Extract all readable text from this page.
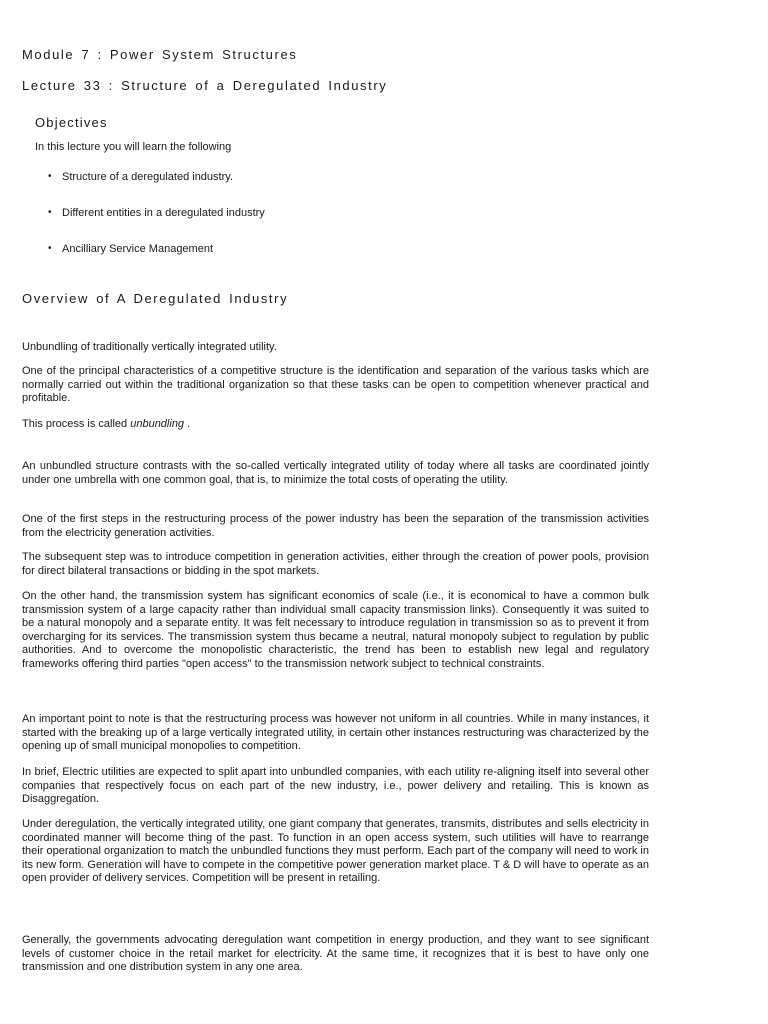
Module 7 : Power System Structures
Lecture 33 : Structure of a Deregulated Industry
Objectives
In this lecture you will learn the following
• Structure of a deregulated industry.
• Different entities in a deregulated industry
• Ancilliary Service Management
Overview of A Deregulated Industry

Unbundling of traditionally vertically integrated utility.

One of the principal characteristics of a competitive structure is the identification and separation of the various tasks which are normally carried out within the traditional organization so that these tasks can be open to competition whenever practical and profitable.

This process is called unbundling .

An unbundled structure contrasts with the so-called vertically integrated utility of today where all tasks are coordinated jointly under one umbrella with one common goal, that is, to minimize the total costs of operating the utility.

One of the first steps in the restructuring process of the power industry has been the separation of the transmission activities from the electricity generation activities.

The subsequent step was to introduce competition in generation activities, either through the creation of power pools, provision for direct bilateral transactions or bidding in the spot markets.

On the other hand, the transmission system has significant economics of scale (i.e., it is economical to have a common bulk transmission system of a large capacity rather than individual small capacity transmission links). Consequently it was suited to be a natural monopoly and a separate entity. It was felt necessary to introduce regulation in transmission so as to prevent it from overcharging for its services. The transmission system thus became a neutral, natural monopoly subject to regulation by public authorities. And to overcome the monopolistic characteristic, the trend has been to establish new legal and regulatory frameworks offering third parties "open access" to the transmission network subject to technical constraints.

An important point to note is that the restructuring process was however not uniform in all countries. While in many instances, it started with the breaking up of a large vertically integrated utility, in certain other instances restructuring was characterized by the opening up of small municipal monopolies to competition.

In brief, Electric utilities are expected to split apart into unbundled companies, with each utility re-aligning itself into several other companies that respectively focus on each part of the new industry, i.e., power delivery and retailing. This is known as Disaggregation.

Under deregulation, the vertically integrated utility, one giant company that generates, transmits, distributes and sells electricity in coordinated manner will become thing of the past. To function in an open access system, such utilities will have to rearrange their operational organization to match the unbundled functions they must perform. Each part of the company will need to work in its new form. Generation will have to compete in the competitive power generation market place. T & D will have to operate as an open provider of delivery services. Competition will be present in retailing.

Generally, the governments advocating deregulation want competition in energy production, and they want to see significant levels of customer choice in the retail market for electricity. At the same time, it recognizes that it is best to have only one transmission and one distribution system in any one area.
